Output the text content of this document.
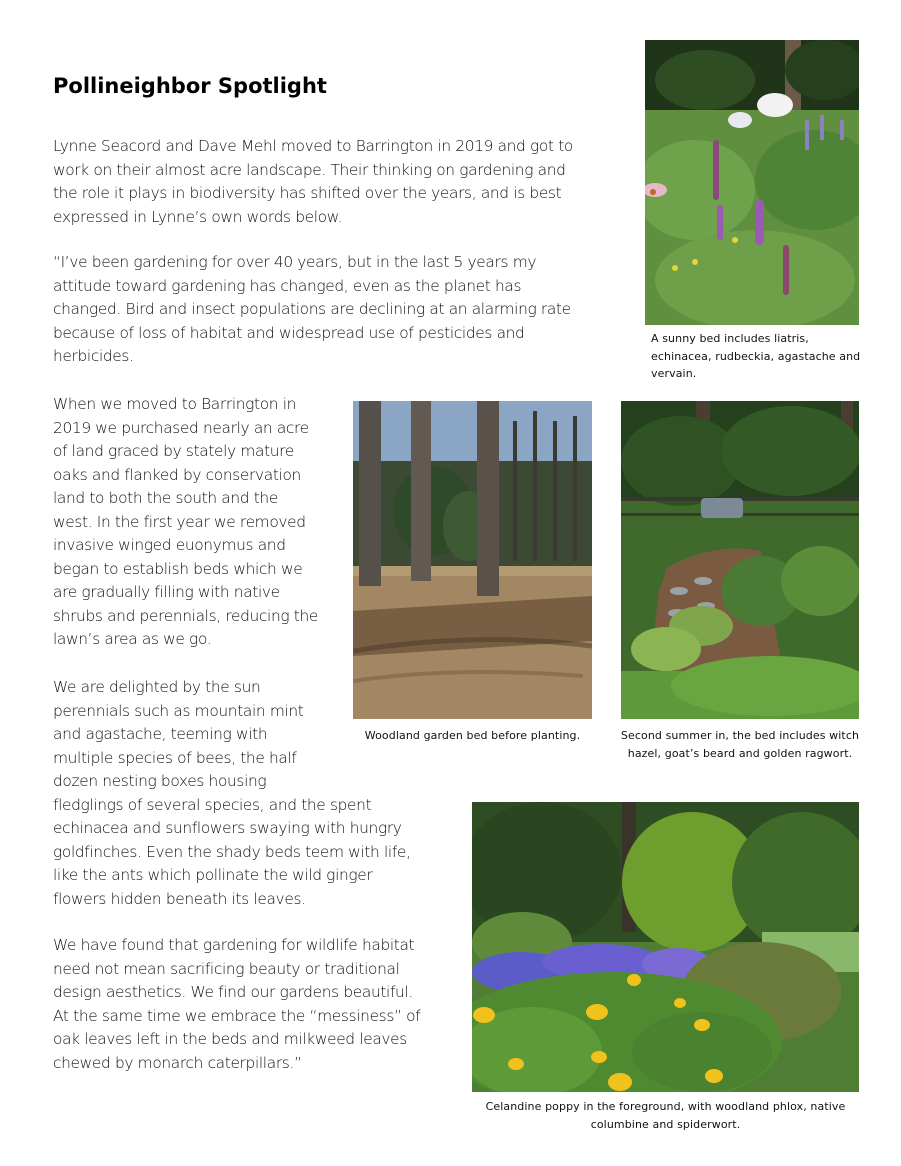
Pollineighbor Spotlight

Lynne Seacord and Dave Mehl moved to Barrington in 2019 and got to
work on their almost acre landscape. Their thinking on gardening and
the role it plays in biodiversity has shifted over the years, and is best
expressed in Lynne’s own words below.

“I’ve been gardening for over 40 years, but in the last 5 years my
attitude toward gardening has changed, even as the planet has
changed. Bird and insect populations are declining at an alarming rate
because of loss of habitat and widespread use of pesticides and
herbicides.

When we moved to Barrington in
2019 we purchased nearly an acre
of land graced by stately mature
oaks and flanked by conservation
land to both the south and the
west. In the first year we removed
invasive winged euonymus and
began to establish beds which we
are gradually filling with native
shrubs and perennials, reducing the
lawn’s area as we go.

We are delighted by the sun
perennials such as mountain mint
and agastache, teeming with
multiple species of bees, the half
dozen nesting boxes housing
fledglings of several species, and the spent
echinacea and sunflowers swaying with hungry
goldfinches. Even the shady beds teem with life,
like the ants which pollinate the wild ginger
flowers hidden beneath its leaves.

We have found that gardening for wildlife habitat
need not mean sacrificing beauty or traditional
design aesthetics. We find our gardens beautiful.
At the same time we embrace the “messiness” of
oak leaves left in the beds and milkweed leaves
chewed by monarch caterpillars.”

A sunny bed includes liatris, echinacea, rudbeckia, agastache and vervain.

Woodland garden bed before planting.	Second summer in, the bed includes witch hazel, goat’s beard and golden ragwort.

Celandine poppy in the foreground, with woodland phlox, native columbine and spiderwort.
